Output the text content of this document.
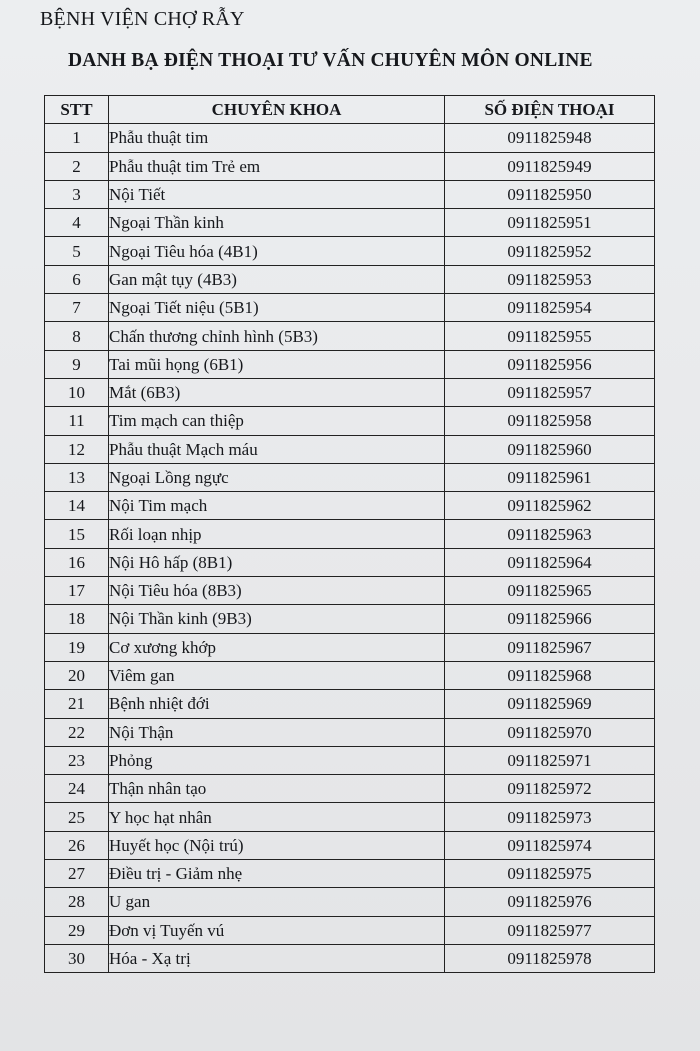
BỆNH VIỆN CHỢ RẪY
DANH BẠ ĐIỆN THOẠI TƯ VẤN CHUYÊN MÔN ONLINE
STT	CHUYÊN KHOA	SỐ ĐIỆN THOẠI
1	Phẫu thuật tim	0911825948
2	Phẫu thuật tim Trẻ em	0911825949
3	Nội Tiết	0911825950
4	Ngoại Thần kinh	0911825951
5	Ngoại Tiêu hóa (4B1)	0911825952
6	Gan mật tụy (4B3)	0911825953
7	Ngoại Tiết niệu (5B1)	0911825954
8	Chấn thương chỉnh hình (5B3)	0911825955
9	Tai mũi họng (6B1)	0911825956
10	Mắt (6B3)	0911825957
11	Tim mạch can thiệp	0911825958
12	Phẫu thuật Mạch máu	0911825960
13	Ngoại Lồng ngực	0911825961
14	Nội Tim mạch	0911825962
15	Rối loạn nhịp	0911825963
16	Nội Hô hấp (8B1)	0911825964
17	Nội Tiêu hóa (8B3)	0911825965
18	Nội Thần kinh (9B3)	0911825966
19	Cơ xương khớp	0911825967
20	Viêm gan	0911825968
21	Bệnh nhiệt đới	0911825969
22	Nội Thận	0911825970
23	Phỏng	0911825971
24	Thận nhân tạo	0911825972
25	Y học hạt nhân	0911825973
26	Huyết học (Nội trú)	0911825974
27	Điều trị - Giảm nhẹ	0911825975
28	U gan	0911825976
29	Đơn vị Tuyến vú	0911825977
30	Hóa - Xạ trị	0911825978
